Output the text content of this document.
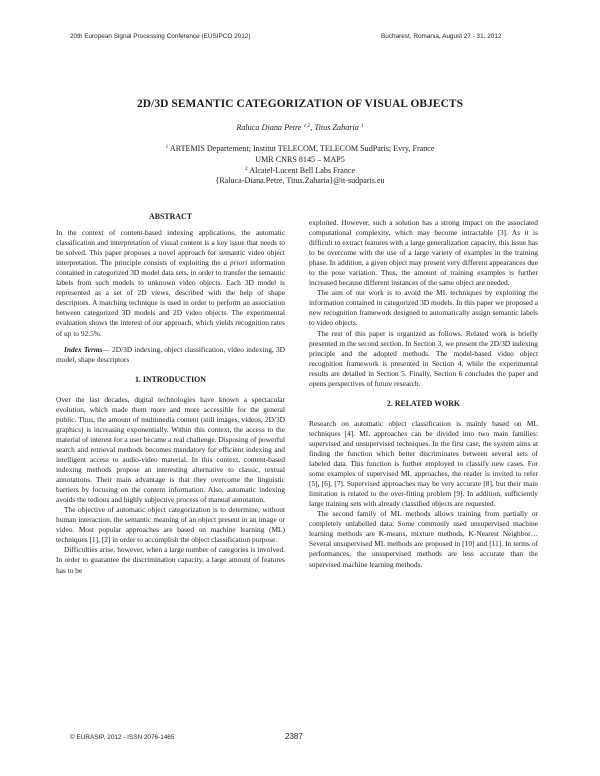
20th European Signal Processing Conference (EUSIPCO 2012)	Bucharest, Romania, August 27 - 31, 2012
2D/3D SEMANTIC CATEGORIZATION OF VISUAL OBJECTS
Raluca Diana Petre $^{1,2}$, Titus Zaharia $^1$
$^1$ ARTEMIS Departement; Institut TELECOM, TELECOM SudParis; Evry, France
UMR CNRS 8145 – MAP5
$^2$ Alcatel-Lucent Bell Labs France
{Raluca-Diana.Petre, Titus.Zaharia}@it-sudparis.eu

ABSTRACT

In the context of content-based indexing applications, the automatic classification and interpretation of visual content is a key issue that needs to be solved. This paper proposes a novel approach for semantic video object interpretation. The principle consists of exploiting the a priori information contained in categorized 3D model data sets, in order to transfer the semantic labels from such models to unknown video objects. Each 3D model is represented as a set of 2D views, described with the help of shape descriptors. A matching technique is used in order to perform an association between categorized 3D models and 2D video objects. The experimental evaluation shows the interest of our approach, which yields recognition rates of up to 92.5%.

Index Terms— 2D/3D indexing, object classification, video indexing, 3D model, shape descriptors

1. INTRODUCTION

Over the last decades, digital technologies have known a spectacular evolution, which made them more and more accessible for the general public. Thus, the amount of multimedia content (still images, videos, 2D/3D graphics) is increasing exponentially. Within this context, the access to the material of interest for a user became a real challenge. Disposing of powerful search and retrieval methods becomes mandatory for efficient indexing and intelligent access to audio-video material. In this context, content-based indexing methods propose an interesting alternative to classic, textual annotations. Their main advantage is that they overcome the linguistic barriers by focusing on the content information. Also, automatic indexing avoids the tedious and highly subjective process of manual annotation.

The objective of automatic object categorization is to determine, without human interaction, the semantic meaning of an object present in an image or video. Most popular approaches are based on machine learning (ML) techniques [1], [2] in order to accomplish the object classification purpose.

Difficulties arise, however, when a large number of categories is involved. In order to guarantee the discrimination capacity, a large amount of features has to be

exploited. However, such a solution has a strong impact on the associated computational complexity, which may become intractable [3]. As it is difficult to extract features with a large generalization capacity, this issue has to be overcome with the use of a large variety of examples in the training phase. In addition, a given object may present very different appearances due to the pose variation. Thus, the amount of training examples is further increased because different instances of the same object are needed.

The aim of our work is to avoid the ML techniques by exploiting the information contained in categorized 3D models. In this paper we proposed a new recognition framework designed to automatically assign semantic labels to video objects.

The rest of this paper is organized as follows. Related work is briefly presented in the second section. In Section 3, we present the 2D/3D indexing principle and the adopted methods. The model-based video object recognition framework is presented in Section 4, while the experimental results are detailed in Section 5. Finally, Section 6 concludes the paper and opens perspectives of future research.

2. RELATED WORK

Research on automatic object classification is mainly based on ML techniques [4]. ML approaches can be divided into two main families: supervised and unsupervised techniques. In the first case, the system aims at finding the function which better discriminates between several sets of labeled data. This function is further employed to classify new cases. For some examples of supervised ML approaches, the reader is invited to refer [5], [6], [7]. Supervised approaches may be very accurate [8], but their main limitation is related to the over-fitting problem [9]. In addition, sufficiently large training sets with already classified objects are requested.

The second family of ML methods allows training from partially or completely unlabelled data. Some commonly used unsupervised machine learning methods are K-means, mixture methods, K-Nearest Neighbor… Several unsupervised ML methods are proposed in [10] and [11]. In terms of performances, the unsupervised methods are less accurate than the supervised machine learning methods.

© EURASIP, 2012 - ISSN 2076-1465	2387
